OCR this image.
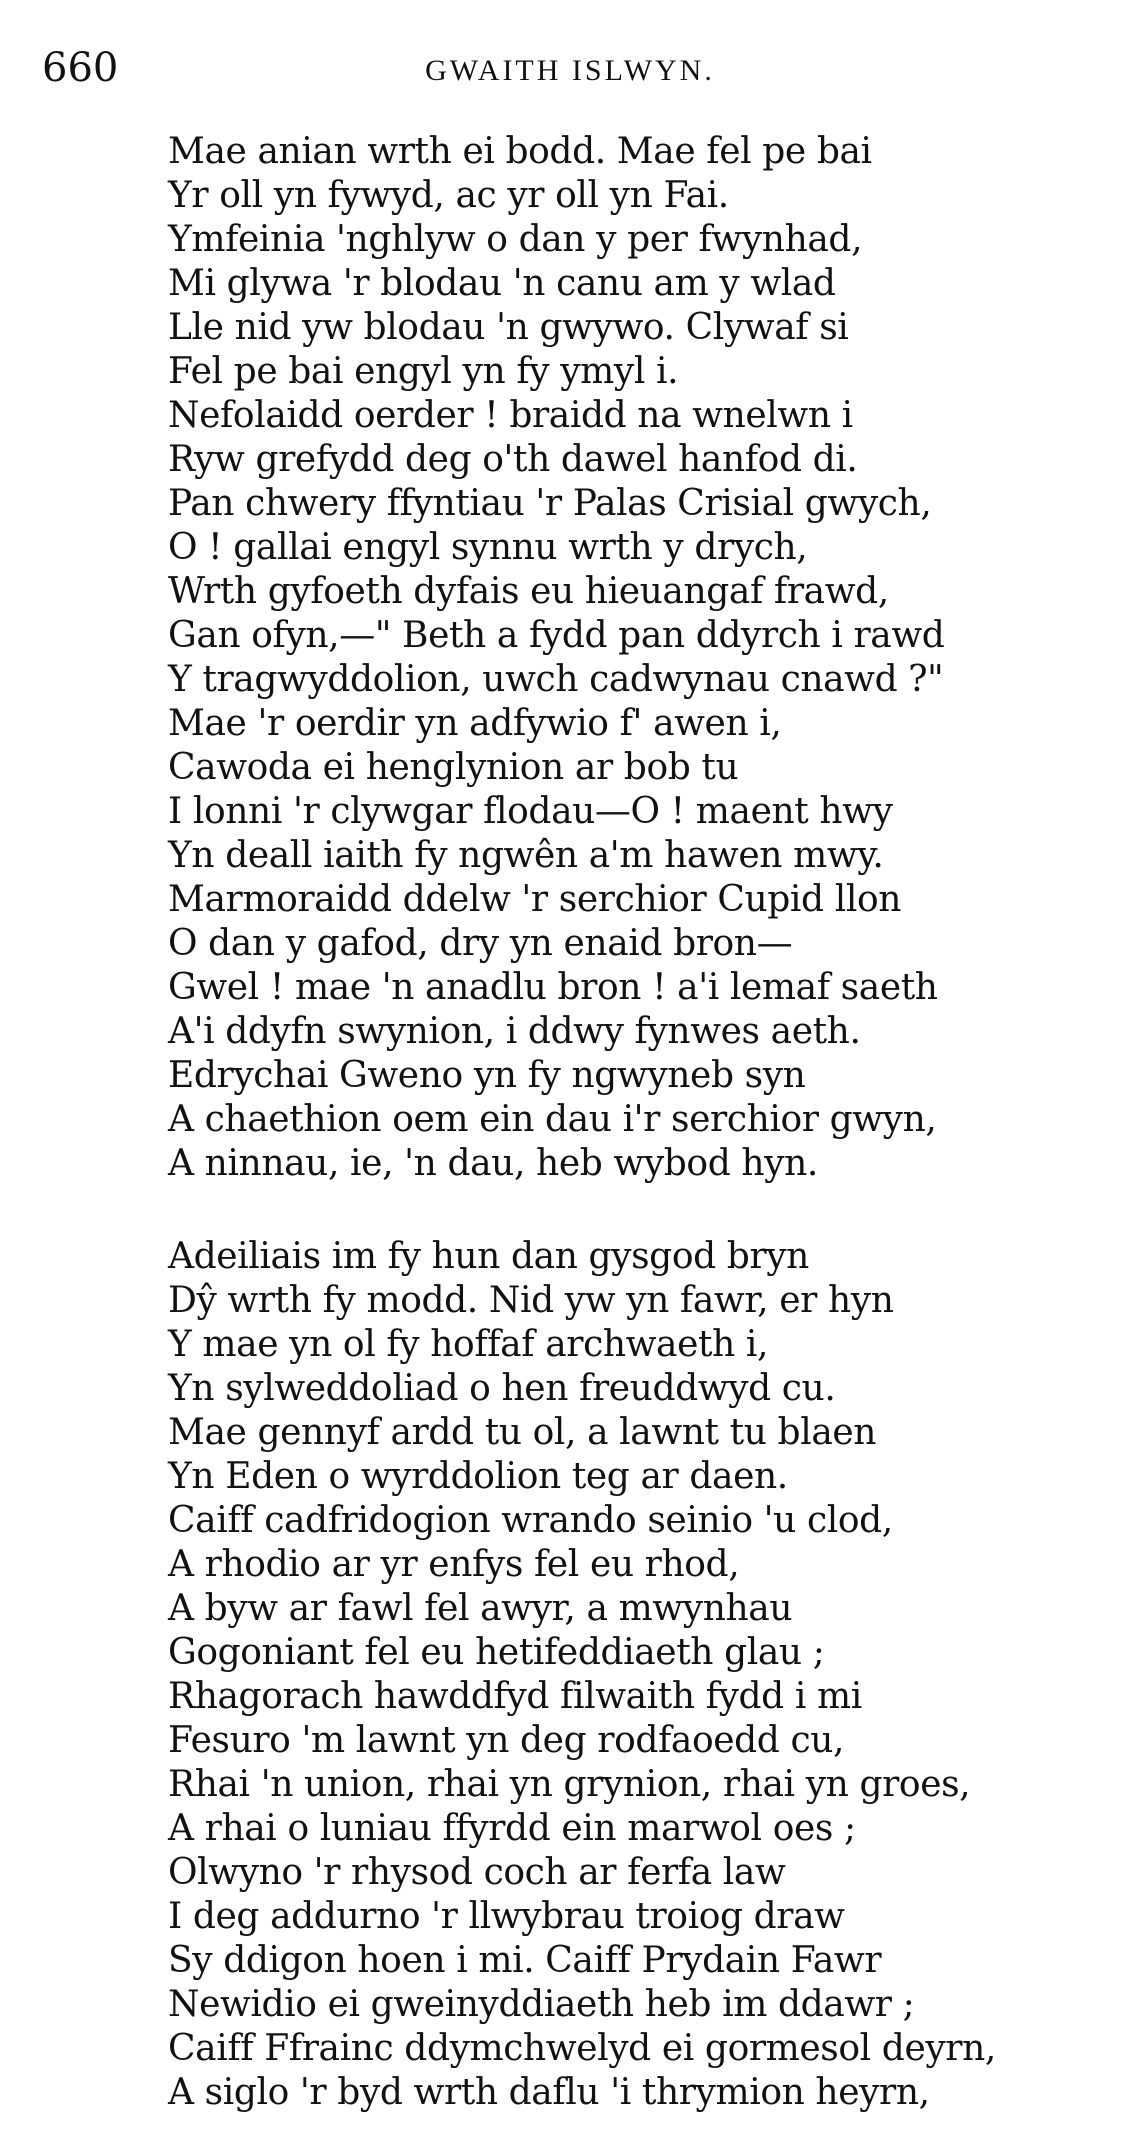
660	GWAITH ISLWYN.
Mae anian wrth ei bodd. Mae fel pe bai
Yr oll yn fywyd, ac yr oll yn Fai.
Ymfeinia 'nghlyw o dan y per fwynhad,
Mi glywa 'r blodau 'n canu am y wlad
Lle nid yw blodau 'n gwywo. Clywaf si
Fel pe bai engyl yn fy ymyl i.
Nefolaidd oerder ! braidd na wnelwn i
Ryw grefydd deg o'th dawel hanfod di.
Pan chwery ffyntiau 'r Palas Crisial gwych,
O ! gallai engyl synnu wrth y drych,
Wrth gyfoeth dyfais eu hieuangaf frawd,
Gan ofyn,—" Beth a fydd pan ddyrch i rawd
Y tragwyddolion, uwch cadwynau cnawd ?"
Mae 'r oerdir yn adfywio f' awen i,
Cawoda ei henglynion ar bob tu
I lonni 'r clywgar flodau—O ! maent hwy
Yn deall iaith fy ngwên a'm hawen mwy.
Marmoraidd ddelw 'r serchior Cupid llon
O dan y gafod, dry yn enaid bron—
Gwel ! mae 'n anadlu bron ! a'i lemaf saeth
A'i ddyfn swynion, i ddwy fynwes aeth.
Edrychai Gweno yn fy ngwyneb syn
A chaethion oem ein dau i'r serchior gwyn,
A ninnau, ie, 'n dau, heb wybod hyn.
Adeiliais im fy hun dan gysgod bryn
Dŷ wrth fy modd. Nid yw yn fawr, er hyn
Y mae yn ol fy hoffaf archwaeth i,
Yn sylweddoliad o hen freuddwyd cu.
Mae gennyf ardd tu ol, a lawnt tu blaen
Yn Eden o wyrddolion teg ar daen.
Caiff cadfridogion wrando seinio 'u clod,
A rhodio ar yr enfys fel eu rhod,
A byw ar fawl fel awyr, a mwynhau
Gogoniant fel eu hetifeddiaeth glau ;
Rhagorach hawddfyd filwaith fydd i mi
Fesuro 'm lawnt yn deg rodfaoedd cu,
Rhai 'n union, rhai yn grynion, rhai yn groes,
A rhai o luniau ffyrdd ein marwol oes ;
Olwyno 'r rhysod coch ar ferfa law
I deg addurno 'r llwybrau troiog draw
Sy ddigon hoen i mi. Caiff Prydain Fawr
Newidio ei gweinyddiaeth heb im ddawr ;
Caiff Ffrainc ddymchwelyd ei gormesol deyrn,
A siglo 'r byd wrth daflu 'i thrymion heyrn,
